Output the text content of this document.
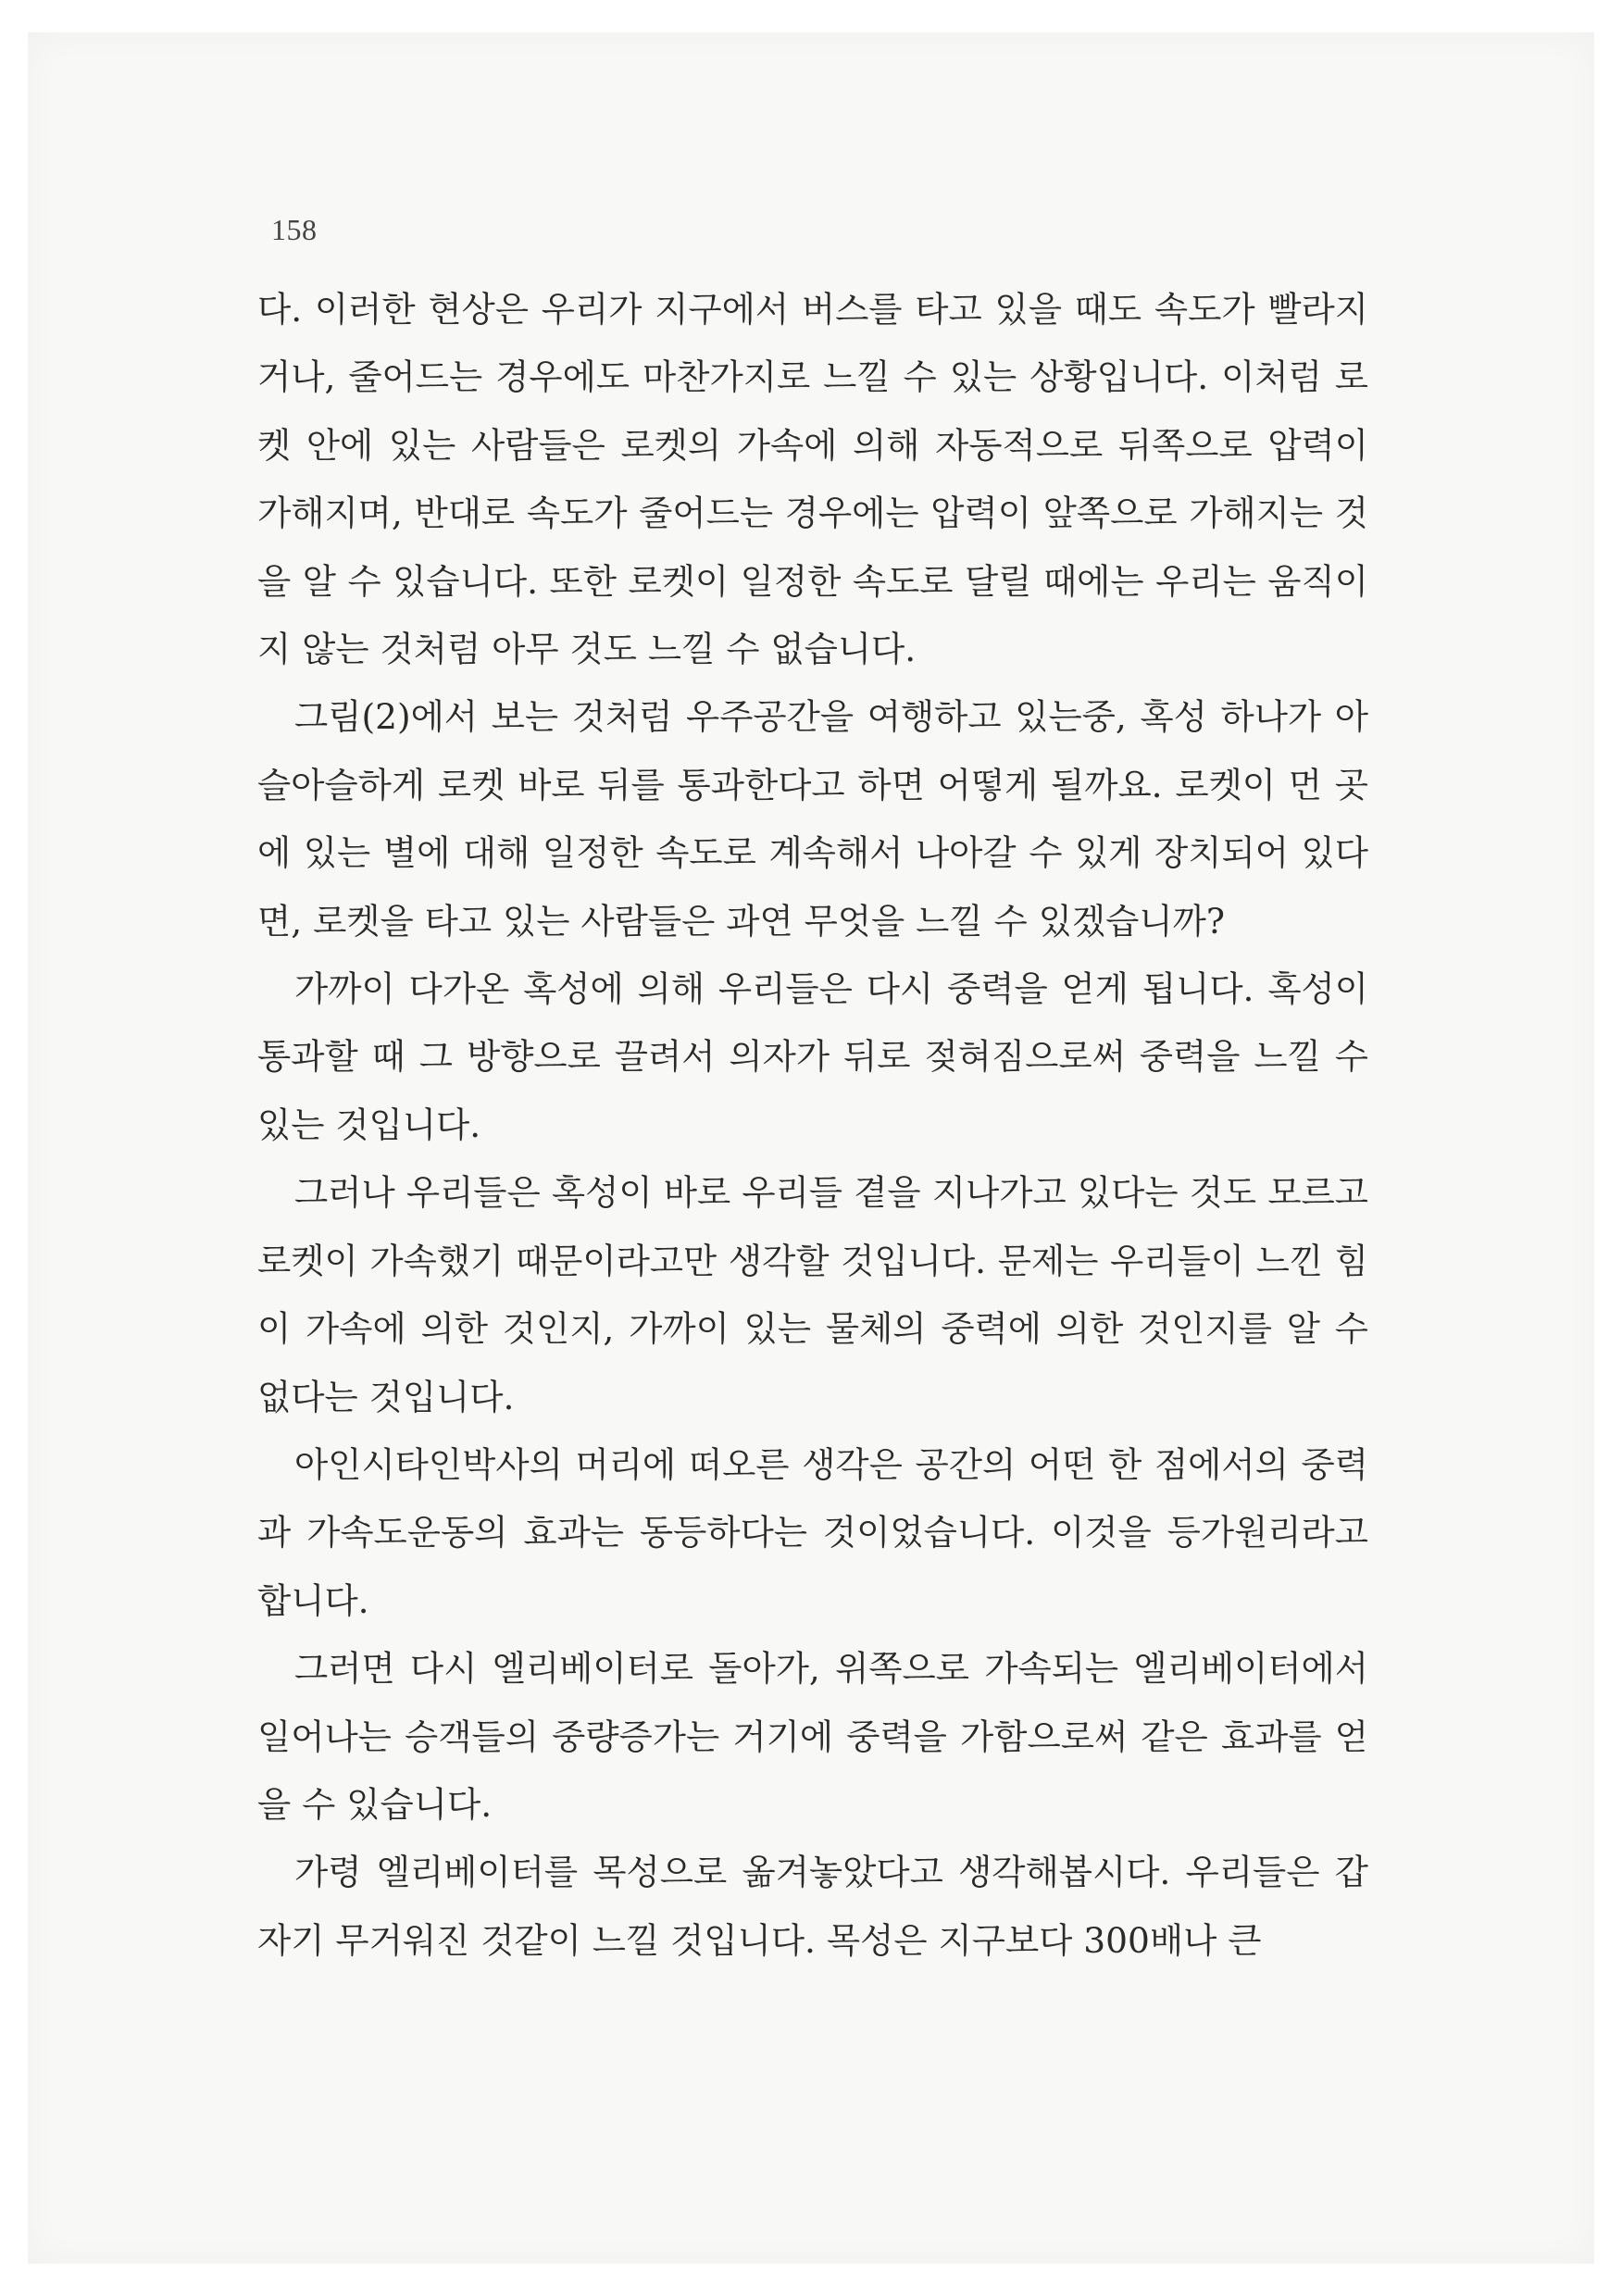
158

다. 이러한 현상은 우리가 지구에서 버스를 타고 있을 때도 속도가 빨라지거나, 줄어드는 경우에도 마찬가지로 느낄 수 있는 상황입니다. 이처럼 로켓 안에 있는 사람들은 로켓의 가속에 의해 자동적으로 뒤쪽으로 압력이 가해지며, 반대로 속도가 줄어드는 경우에는 압력이 앞쪽으로 가해지는 것을 알 수 있습니다. 또한 로켓이 일정한 속도로 달릴 때에는 우리는 움직이지 않는 것처럼 아무 것도 느낄 수 없습니다.

그림(2)에서 보는 것처럼 우주공간을 여행하고 있는중, 혹성 하나가 아슬아슬하게 로켓 바로 뒤를 통과한다고 하면 어떻게 될까요. 로켓이 먼 곳에 있는 별에 대해 일정한 속도로 계속해서 나아갈 수 있게 장치되어 있다면, 로켓을 타고 있는 사람들은 과연 무엇을 느낄 수 있겠습니까?

가까이 다가온 혹성에 의해 우리들은 다시 중력을 얻게 됩니다. 혹성이 통과할 때 그 방향으로 끌려서 의자가 뒤로 젖혀짐으로써 중력을 느낄 수 있는 것입니다.

그러나 우리들은 혹성이 바로 우리들 곁을 지나가고 있다는 것도 모르고 로켓이 가속했기 때문이라고만 생각할 것입니다. 문제는 우리들이 느낀 힘이 가속에 의한 것인지, 가까이 있는 물체의 중력에 의한 것인지를 알 수 없다는 것입니다.

아인시타인박사의 머리에 떠오른 생각은 공간의 어떤 한 점에서의 중력과 가속도운동의 효과는 동등하다는 것이었습니다. 이것을 등가원리라고 합니다.

그러면 다시 엘리베이터로 돌아가, 위쪽으로 가속되는 엘리베이터에서 일어나는 승객들의 중량증가는 거기에 중력을 가함으로써 같은 효과를 얻을 수 있습니다.

가령 엘리베이터를 목성으로 옮겨놓았다고 생각해봅시다. 우리들은 갑자기 무거워진 것같이 느낄 것입니다. 목성은 지구보다 300배나 큰
